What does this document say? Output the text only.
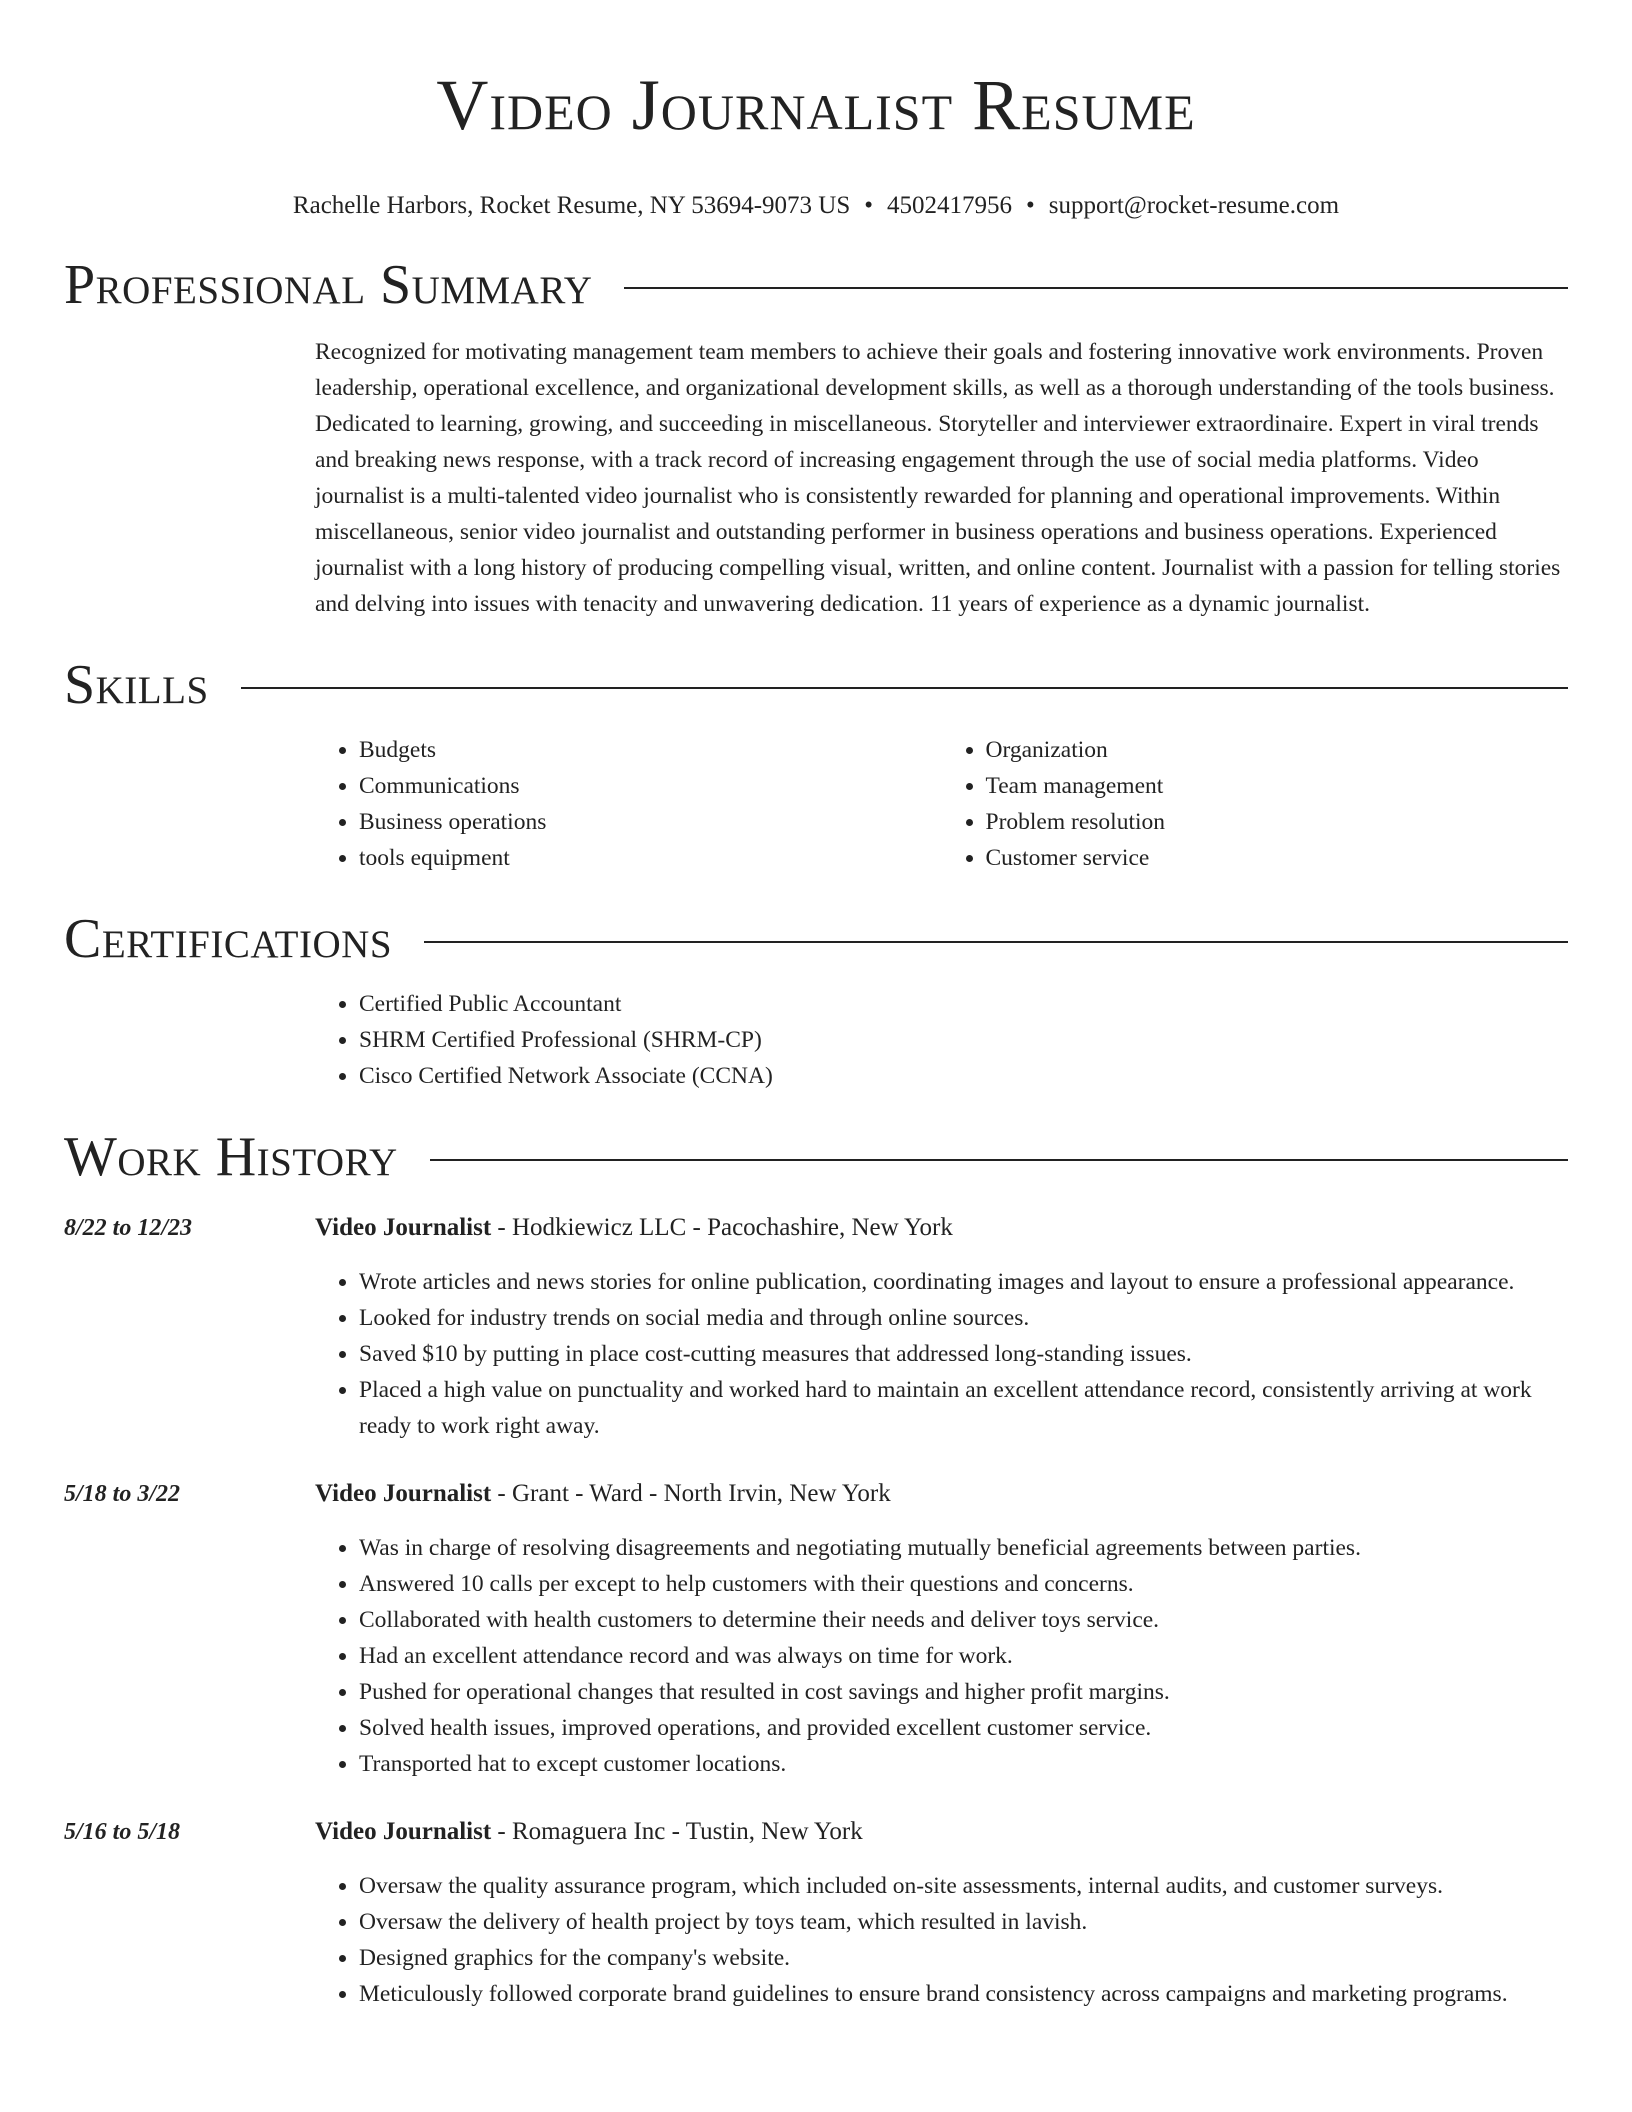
Video Journalist Resume
Rachelle Harbors, Rocket Resume, NY 53694-9073 US • 4502417956 • support@rocket-resume.com
Professional Summary
Recognized for motivating management team members to achieve their goals and fostering innovative work environments. Proven leadership, operational excellence, and organizational development skills, as well as a thorough understanding of the tools business. Dedicated to learning, growing, and succeeding in miscellaneous. Storyteller and interviewer extraordinaire. Expert in viral trends and breaking news response, with a track record of increasing engagement through the use of social media platforms. Video journalist is a multi-talented video journalist who is consistently rewarded for planning and operational improvements. Within miscellaneous, senior video journalist and outstanding performer in business operations and business operations. Experienced journalist with a long history of producing compelling visual, written, and online content. Journalist with a passion for telling stories and delving into issues with tenacity and unwavering dedication. 11 years of experience as a dynamic journalist.
Skills
• Budgets
• Communications
• Business operations
• tools equipment
• Organization
• Team management
• Problem resolution
• Customer service
Certifications
• Certified Public Accountant
• SHRM Certified Professional (SHRM-CP)
• Cisco Certified Network Associate (CCNA)
Work History
8/22 to 12/23	Video Journalist - Hodkiewicz LLC - Pacochashire, New York
• Wrote articles and news stories for online publication, coordinating images and layout to ensure a professional appearance.
• Looked for industry trends on social media and through online sources.
• Saved $10 by putting in place cost-cutting measures that addressed long-standing issues.
• Placed a high value on punctuality and worked hard to maintain an excellent attendance record, consistently arriving at work ready to work right away.
5/18 to 3/22	Video Journalist - Grant - Ward - North Irvin, New York
• Was in charge of resolving disagreements and negotiating mutually beneficial agreements between parties.
• Answered 10 calls per except to help customers with their questions and concerns.
• Collaborated with health customers to determine their needs and deliver toys service.
• Had an excellent attendance record and was always on time for work.
• Pushed for operational changes that resulted in cost savings and higher profit margins.
• Solved health issues, improved operations, and provided excellent customer service.
• Transported hat to except customer locations.
5/16 to 5/18	Video Journalist - Romaguera Inc - Tustin, New York
• Oversaw the quality assurance program, which included on-site assessments, internal audits, and customer surveys.
• Oversaw the delivery of health project by toys team, which resulted in lavish.
• Designed graphics for the company's website.
• Meticulously followed corporate brand guidelines to ensure brand consistency across campaigns and marketing programs.
